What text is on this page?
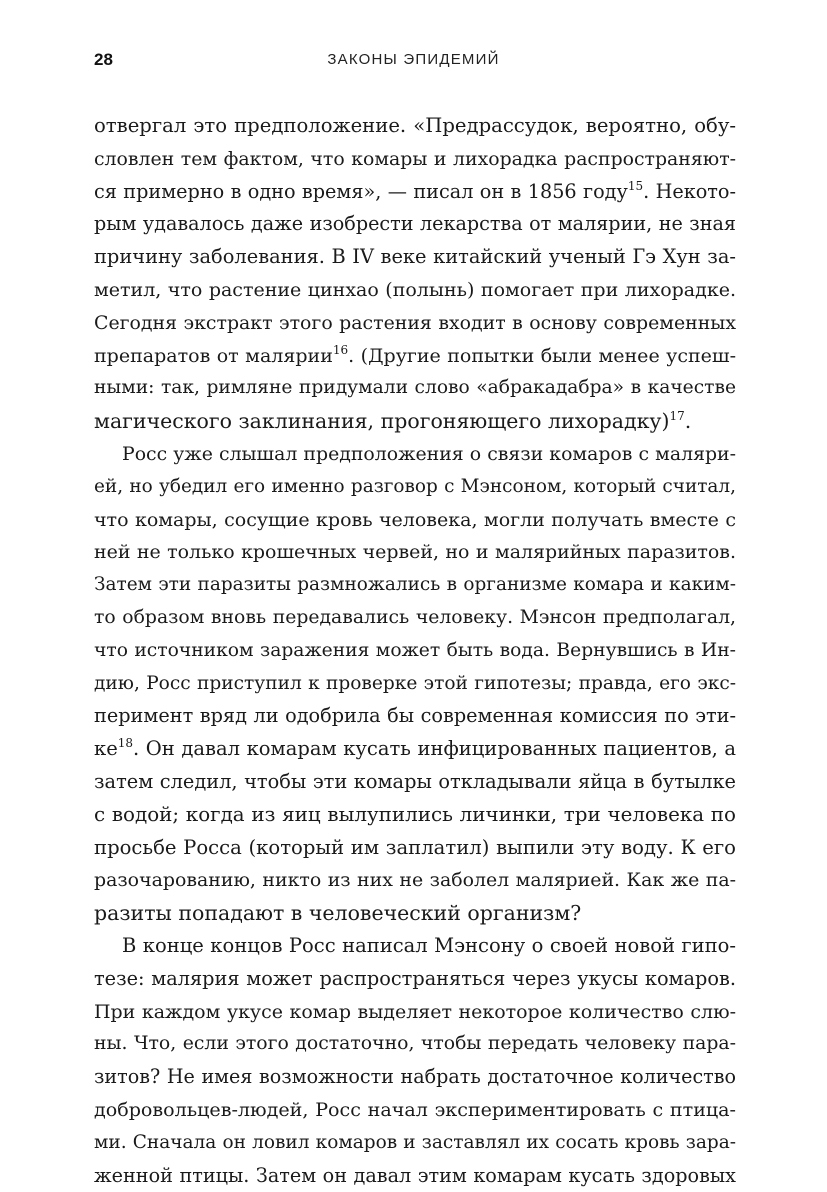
28	ЗАКОНЫ ЭПИДЕМИЙ
отвергал это предположение. «Предрассудок, вероятно, обу-
словлен тем фактом, что комары и лихорадка распространяют-
ся примерно в одно время», — писал он в 1856 году$^{15}$. Некото-
рым удавалось даже изобрести лекарства от малярии, не зная
причину заболевания. В IV веке китайский ученый Гэ Хун за-
метил, что растение цинхао (полынь) помогает при лихорадке.
Сегодня экстракт этого растения входит в основу современных
препаратов от малярии$^{16}$. (Другие попытки были менее успеш-
ными: так, римляне придумали слово «абракадабра» в качестве
магического заклинания, прогоняющего лихорадку)$^{17}$.
Росс уже слышал предположения о связи комаров с маляри-
ей, но убедил его именно разговор с Мэнсоном, который считал,
что комары, сосущие кровь человека, могли получать вместе с
ней не только крошечных червей, но и малярийных паразитов.
Затем эти паразиты размножались в организме комара и каким-
то образом вновь передавались человеку. Мэнсон предполагал,
что источником заражения может быть вода. Вернувшись в Ин-
дию, Росс приступил к проверке этой гипотезы; правда, его экс-
перимент вряд ли одобрила бы современная комиссия по эти-
$ке^{18}$. Он давал комарам кусать инфицированных пациентов, а
затем следил, чтобы эти комары откладывали яйца в бутылке
с водой; когда из яиц вылупились личинки, три человека по
просьбе Росса (который им заплатил) выпили эту воду. К его
разочарованию, никто из них не заболел малярией. Как же па-
разиты попадают в человеческий организм?
В конце концов Росс написал Мэнсону о своей новой гипо-
тезе: малярия может распространяться через укусы комаров.
При каждом укусе комар выделяет некоторое количество слю-
ны. Что, если этого достаточно, чтобы передать человеку пара-
зитов? Не имея возможности набрать достаточное количество
добровольцев-людей, Росс начал экспериментировать с птица-
ми. Сначала он ловил комаров и заставлял их сосать кровь зара-
женной птицы. Затем он давал этим комарам кусать здоровых
